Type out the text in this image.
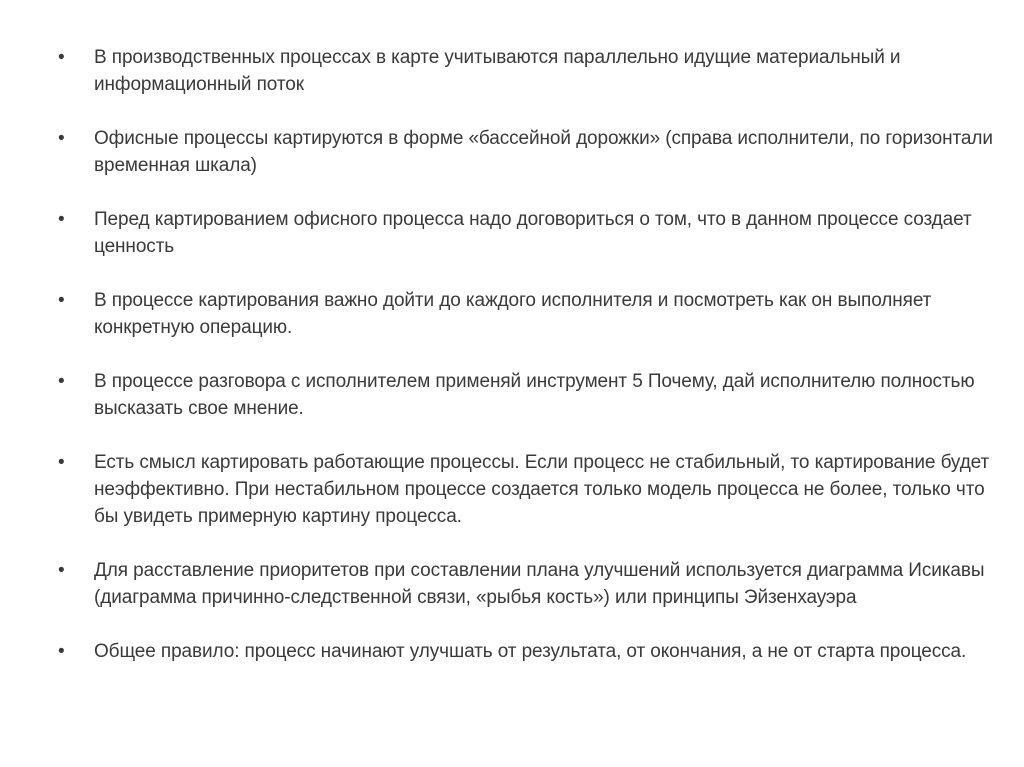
•	В производственных процессах в карте учитываются параллельно идущие материальный и информационный поток
•	Офисные процессы картируются в форме «бассейной дорожки» (справа исполнители, по горизонтали временная шкала)
•	Перед картированием офисного процесса надо договориться о том, что в данном процессе создает ценность
•	В процессе картирования важно дойти до каждого исполнителя и посмотреть как он выполняет конкретную операцию.
•	В процессе разговора с исполнителем применяй инструмент 5 Почему, дай исполнителю полностью высказать свое мнение.
•	Есть смысл картировать работающие процессы. Если процесс не стабильный, то картирование будет неэффективно. При нестабильном процессе создается только модель процесса не более, только что бы увидеть примерную картину процесса.
•	Для расставление приоритетов при составлении плана улучшений используется диаграмма Исикавы (диаграмма причинно-следственной связи, «рыбья кость») или принципы Эйзенхауэра
•	Общее правило: процесс начинают улучшать от результата, от окончания, а не от старта процесса.
